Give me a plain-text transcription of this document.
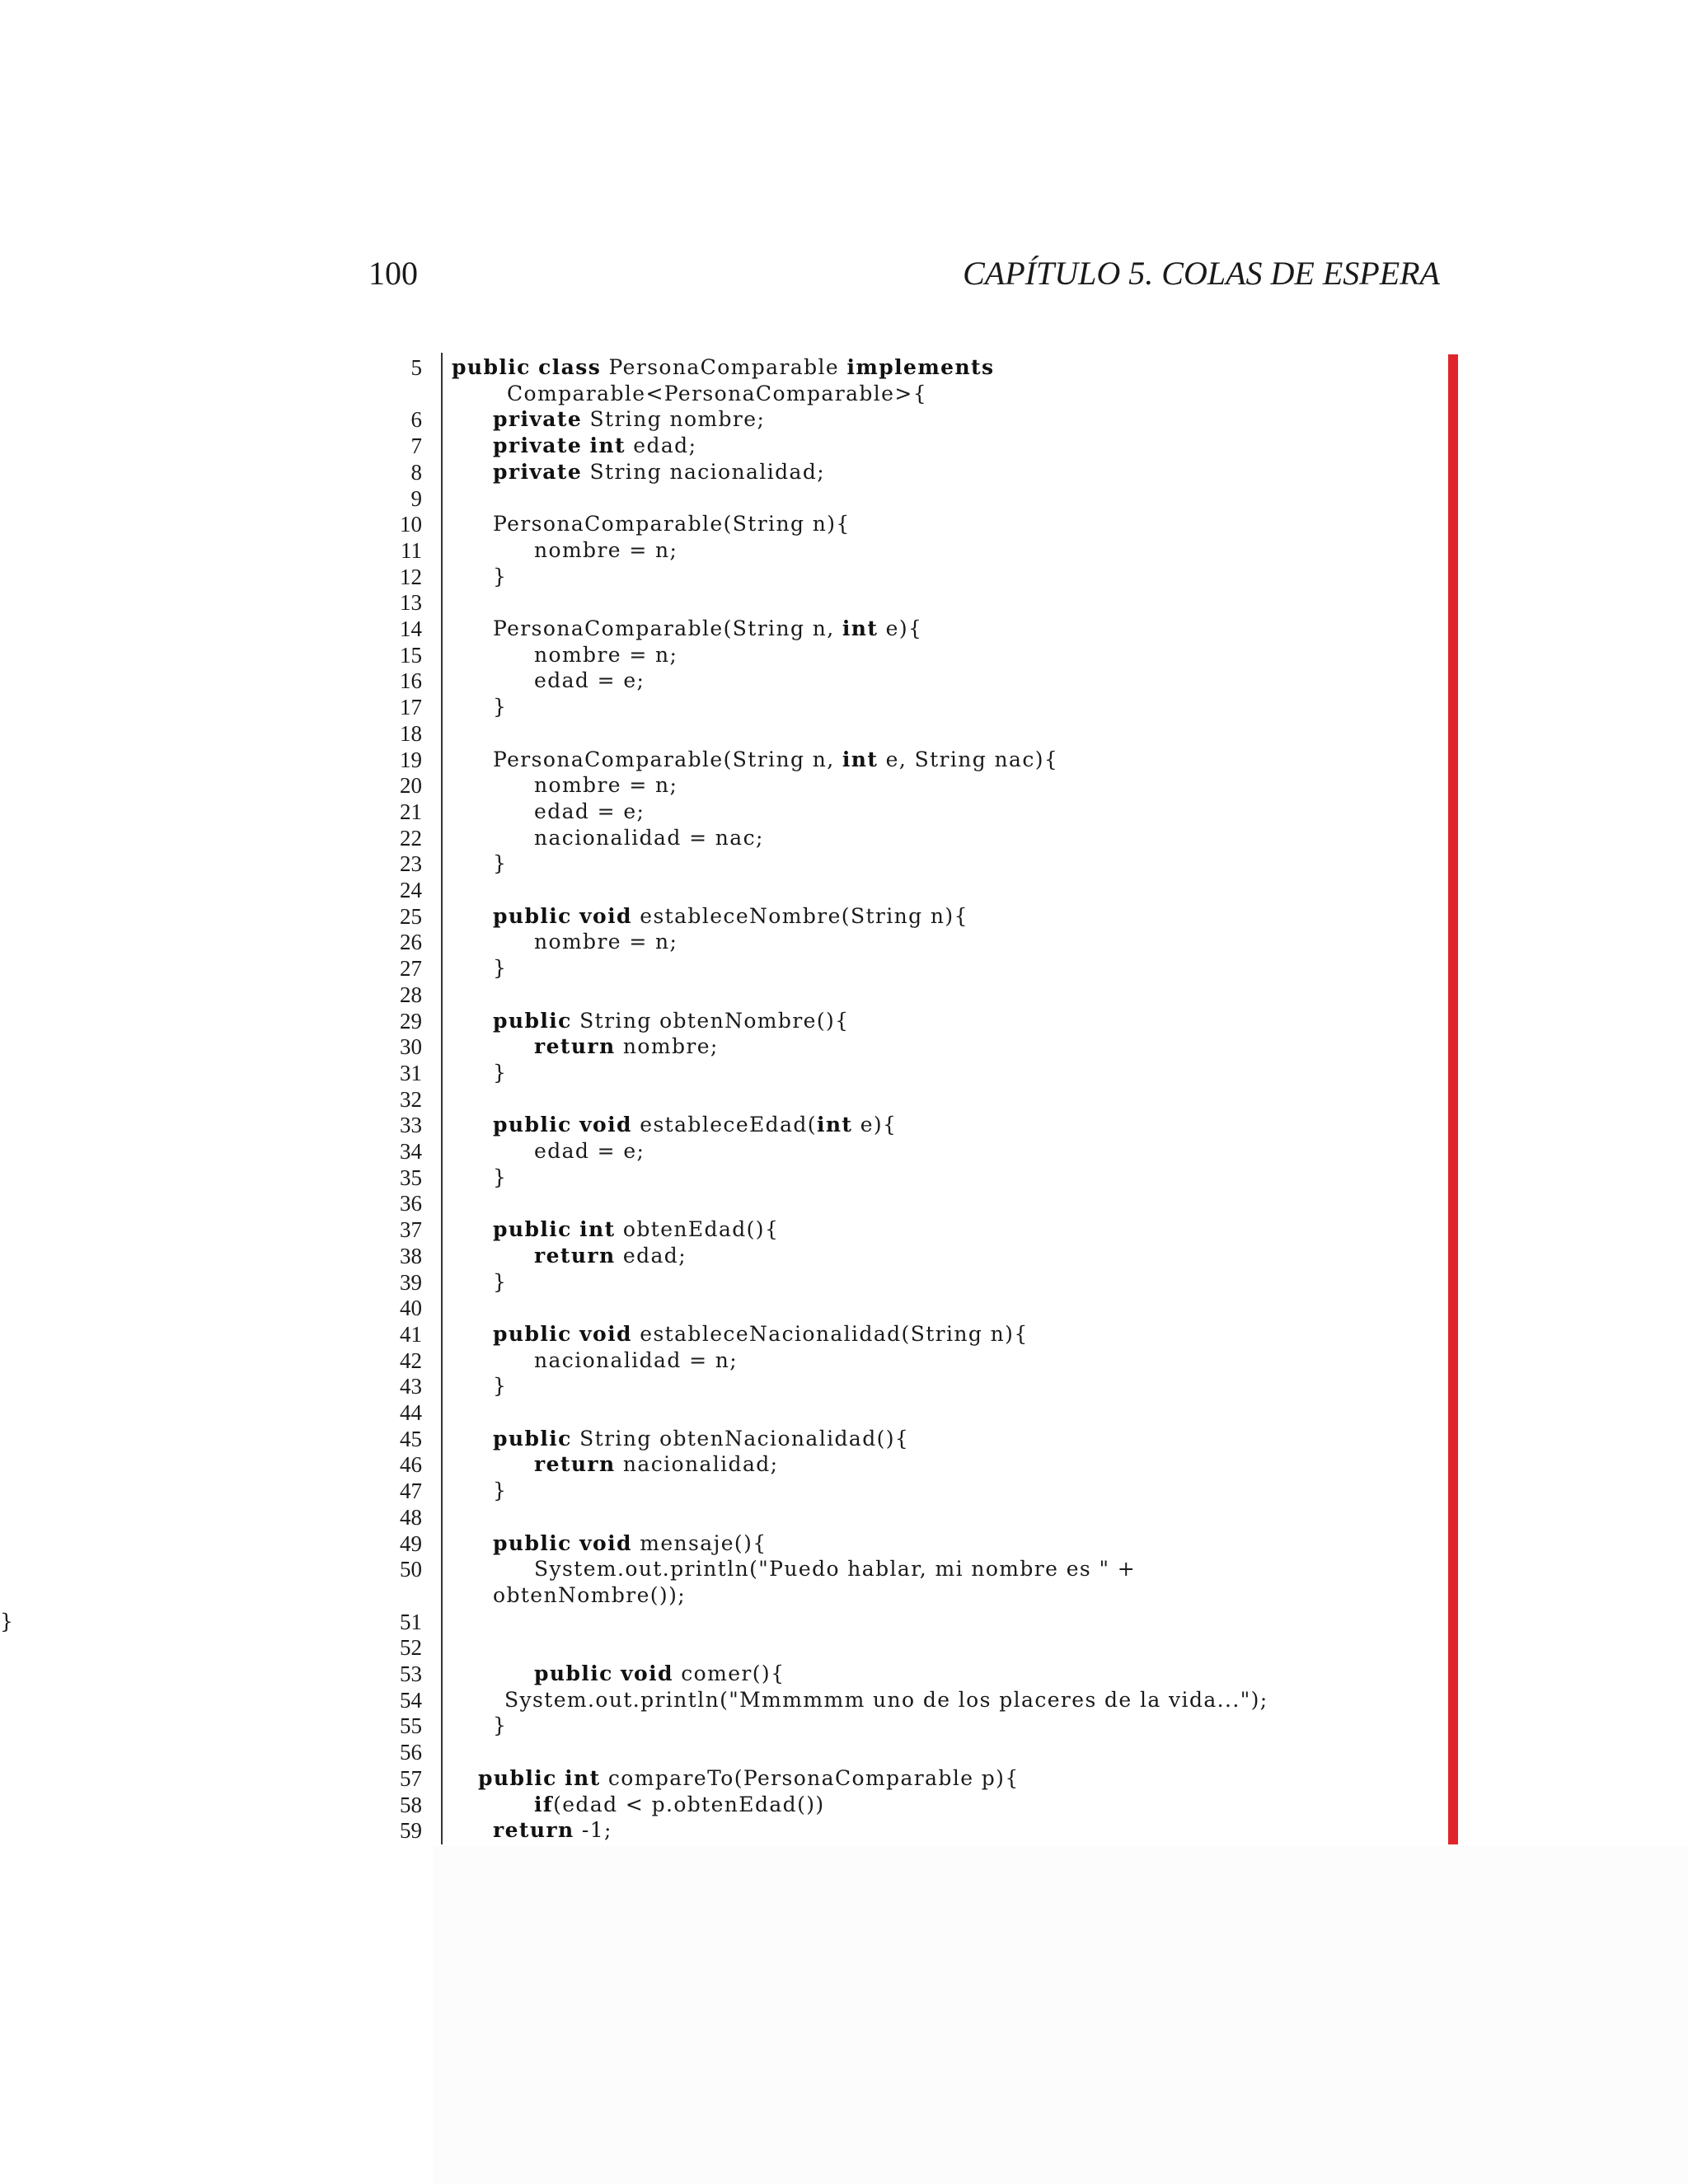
100	CAPÍTULO 5. COLAS DE ESPERA
5 public class PersonaComparable implements
Comparable<PersonaComparable>{
6	private String nombre;
7	private int edad;
8	private String nacionalidad;
9
10	PersonaComparable(String n){
11	nombre = n;
12	}
13
14	PersonaComparable(String n, int e){
15	nombre = n;
16	edad = e;
17	}
18
19	PersonaComparable(String n, int e, String nac){
20	nombre = n;
21	edad = e;
22	nacionalidad = nac;
23	}
24
25	public void estableceNombre(String n){
26	nombre = n;
27	}
28
29	public String obtenNombre(){
30	return nombre;
31	}
32
33	public void estableceEdad(int e){
34	edad = e;
35	}
36
37	public int obtenEdad(){
38	return edad;
39	}
40
41	public void estableceNacionalidad(String n){
42	nacionalidad = n;
43	}
44
45	public String obtenNacionalidad(){
46	return nacionalidad;
47	}
48
49	public void mensaje(){
50	System.out.println("Puedo hablar, mi nombre es " +
obtenNombre());
51
}
52
53	public void comer(){
54	System.out.println("Mmmmmm uno de los placeres de la vida...");
55	}
56
57	public int compareTo(PersonaComparable p){
58	if(edad < p.obtenEdad())
59	return -1;
